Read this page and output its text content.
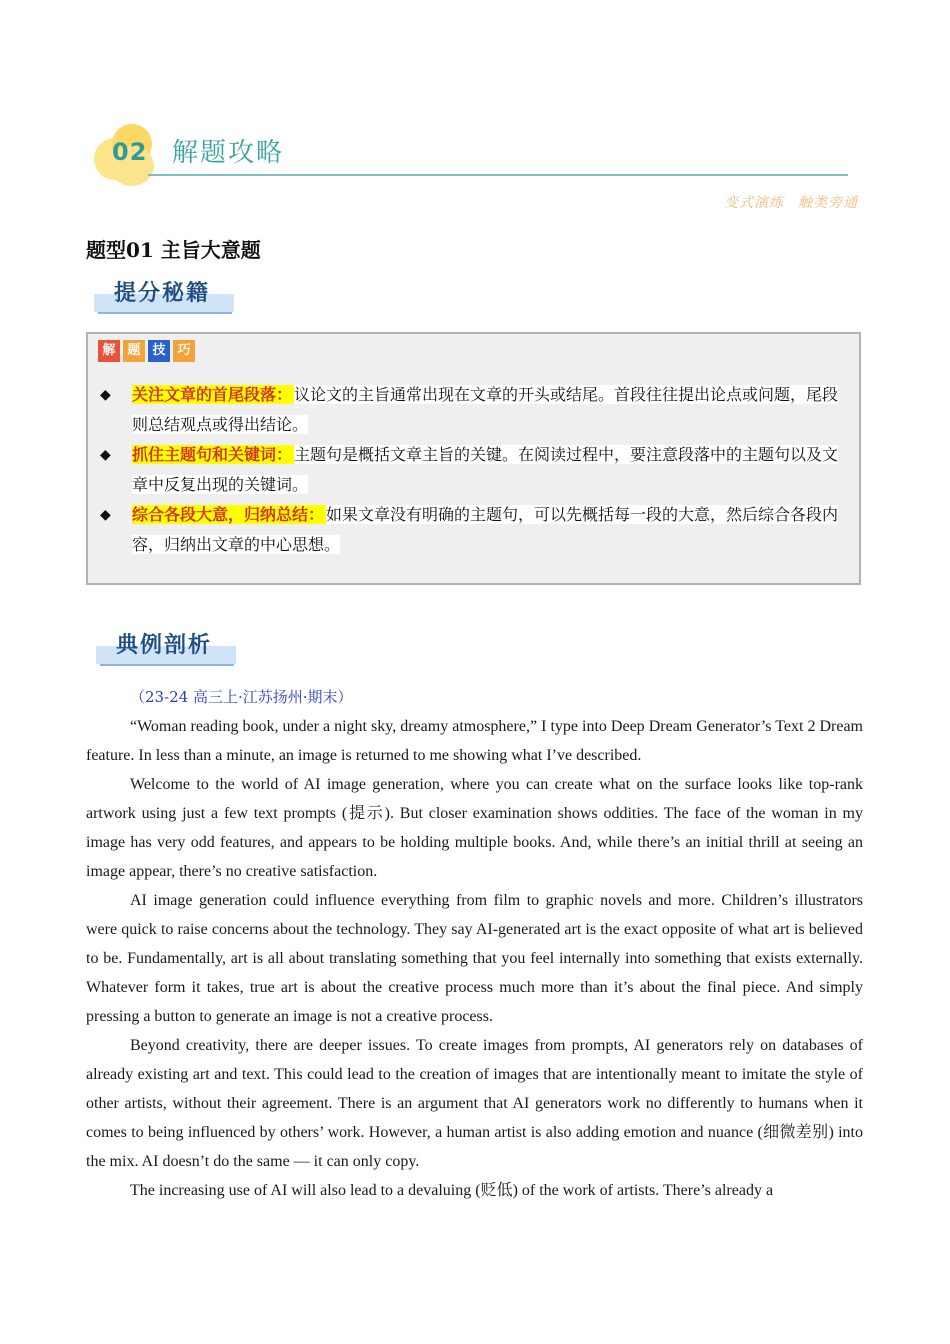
02 解题攻略
变式演练 触类旁通
题型01 主旨大意题
提分秘籍
解 题 技 巧
◆ 关注文章的首尾段落： 议论文的主旨通常出现在文章的开头或结尾。首段往往提出论点或问题，尾段则总结观点或得出结论。
◆ 抓住主题句和关键词： 主题句是概括文章主旨的关键。在阅读过程中，要注意段落中的主题句以及文章中反复出现的关键词。
◆ 综合各段大意，归纳总结： 如果文章没有明确的主题句，可以先概括每一段的大意，然后综合各段内容，归纳出文章的中心思想。
典例剖析
（23-24 高三上·江苏扬州·期末）

“Woman reading book, under a night sky, dreamy atmosphere,” I type into Deep Dream Generator’s Text 2 Dream feature. In less than a minute, an image is returned to me showing what I’ve described.

Welcome to the world of AI image generation, where you can create what on the surface looks like top-rank artwork using just a few text prompts (提示). But closer examination shows oddities. The face of the woman in my image has very odd features, and appears to be holding multiple books. And, while there’s an initial thrill at seeing an image appear, there’s no creative satisfaction.

AI image generation could influence everything from film to graphic novels and more. Children’s illustrators were quick to raise concerns about the technology. They say AI-generated art is the exact opposite of what art is believed to be. Fundamentally, art is all about translating something that you feel internally into something that exists externally. Whatever form it takes, true art is about the creative process much more than it’s about the final piece. And simply pressing a button to generate an image is not a creative process.

Beyond creativity, there are deeper issues. To create images from prompts, AI generators rely on databases of already existing art and text. This could lead to the creation of images that are intentionally meant to imitate the style of other artists, without their agreement. There is an argument that AI generators work no differently to humans when it comes to being influenced by others’ work. However, a human artist is also adding emotion and nuance (细微差别) into the mix. AI doesn’t do the same — it can only copy.

The increasing use of AI will also lead to a devaluing (贬低) of the work of artists. There’s already a
